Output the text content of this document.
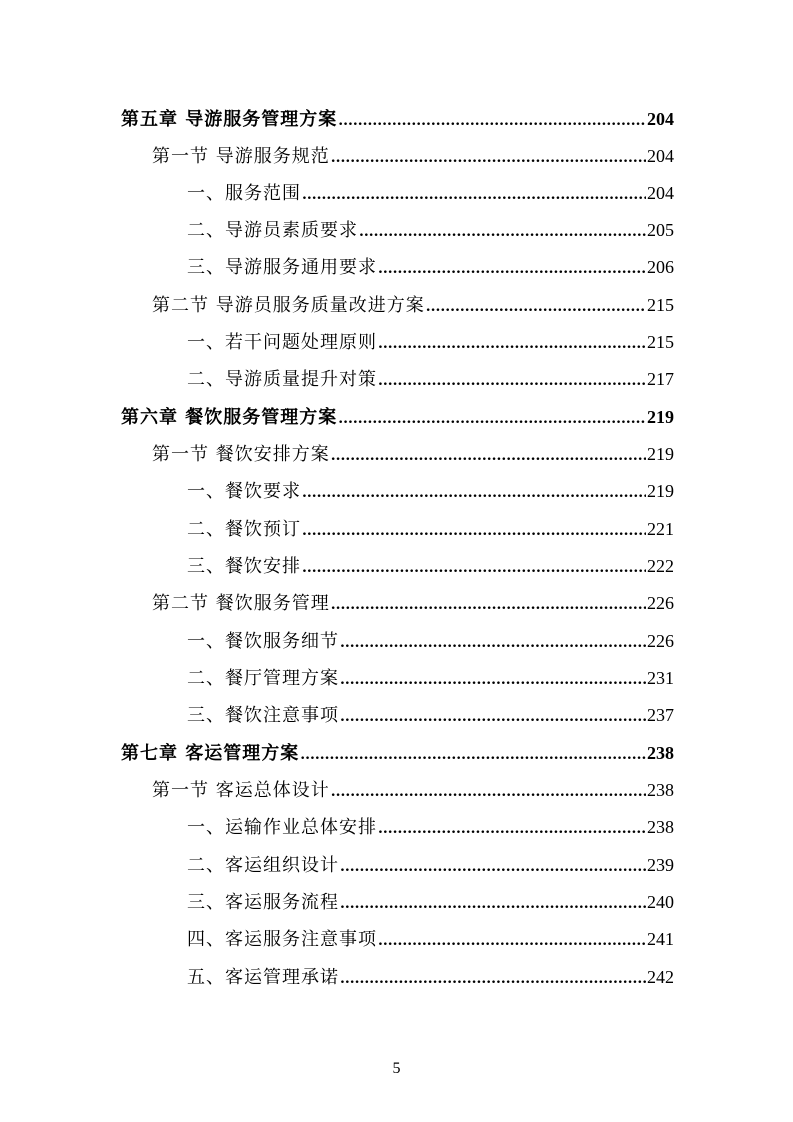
第五章 导游服务管理方案 .....	204
第一节 导游服务规范 .....	204
一、服务范围 .....	204
二、导游员素质要求 .....	205
三、导游服务通用要求 .....	206
第二节 导游员服务质量改进方案 .....	215
一、若干问题处理原则 .....	215
二、导游质量提升对策 .....	217
第六章 餐饮服务管理方案 .....	219
第一节 餐饮安排方案 .....	219
一、餐饮要求 .....	219
二、餐饮预订 .....	221
三、餐饮安排 .....	222
第二节 餐饮服务管理 .....	226
一、餐饮服务细节 .....	226
二、餐厅管理方案 .....	231
三、餐饮注意事项 .....	237
第七章 客运管理方案 .....	238
第一节 客运总体设计 .....	238
一、运输作业总体安排 .....	238
二、客运组织设计 .....	239
三、客运服务流程 .....	240
四、客运服务注意事项 .....	241
五、客运管理承诺 .....	242
5
